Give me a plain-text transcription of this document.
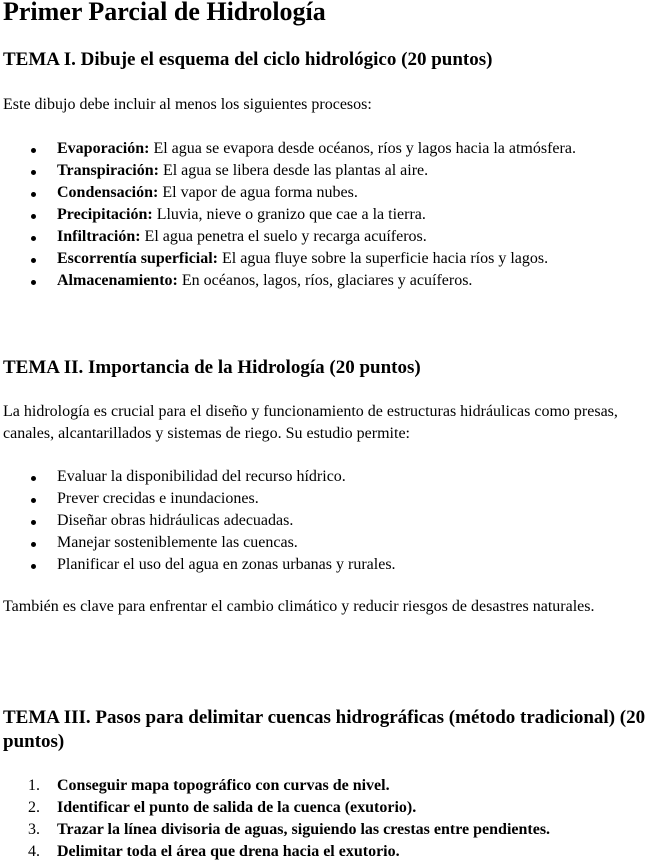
Primer Parcial de Hidrología
TEMA I. Dibuje el esquema del ciclo hidrológico (20 puntos)

Este dibujo debe incluir al menos los siguientes procesos:

Evaporación: El agua se evapora desde océanos, ríos y lagos hacia la atmósfera.
Transpiración: El agua se libera desde las plantas al aire.
Condensación: El vapor de agua forma nubes.
Precipitación: Lluvia, nieve o granizo que cae a la tierra.
Infiltración: El agua penetra el suelo y recarga acuíferos.
Escorrentía superficial: El agua fluye sobre la superficie hacia ríos y lagos.
Almacenamiento: En océanos, lagos, ríos, glaciares y acuíferos.
TEMA II. Importancia de la Hidrología (20 puntos)

La hidrología es crucial para el diseño y funcionamiento de estructuras hidráulicas como presas, canales, alcantarillados y sistemas de riego. Su estudio permite:

Evaluar la disponibilidad del recurso hídrico.
Prever crecidas e inundaciones.
Diseñar obras hidráulicas adecuadas.
Manejar sosteniblemente las cuencas.
Planificar el uso del agua en zonas urbanas y rurales.

También es clave para enfrentar el cambio climático y reducir riesgos de desastres naturales.

TEMA III. Pasos para delimitar cuencas hidrográficas (método tradicional) (20 puntos)
1. Conseguir mapa topográfico con curvas de nivel.
2. Identificar el punto de salida de la cuenca (exutorio).
3. Trazar la línea divisoria de aguas, siguiendo las crestas entre pendientes.
4. Delimitar toda el área que drena hacia el exutorio.
